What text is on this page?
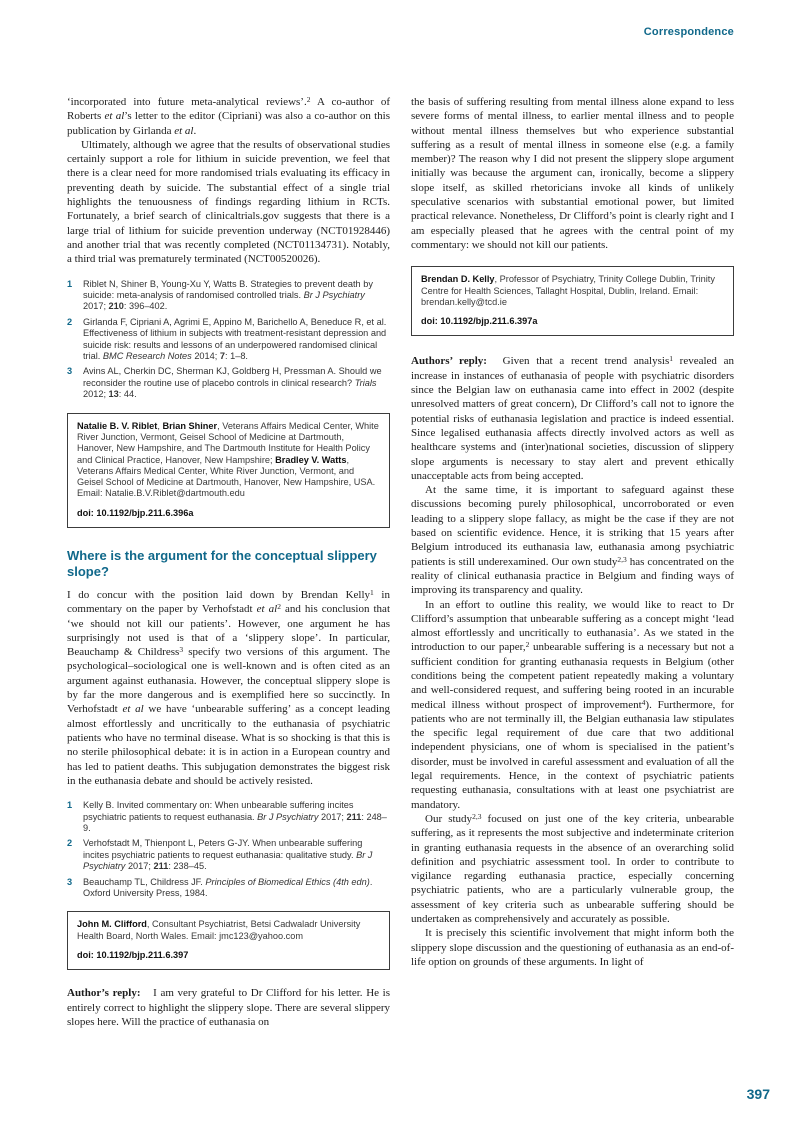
Correspondence

‘incorporated into future meta-analytical reviews’.$^2$ A co-author of Roberts et al’s letter to the editor (Cipriani) was also a co-author on this publication by Girlanda et al.

Ultimately, although we agree that the results of observational studies certainly support a role for lithium in suicide prevention, we feel that there is a clear need for more randomised trials evaluating its efficacy in preventing death by suicide. The substantial effect of a single trial highlights the tenuousness of findings regarding lithium in RCTs. Fortunately, a brief search of clinicaltrials.gov suggests that there is a large trial of lithium for suicide prevention underway (NCT01928446) and another trial that was recently completed (NCT01134731). Notably, a third trial was prematurely terminated (NCT00520026).

1	Riblet N, Shiner B, Young-Xu Y, Watts B. Strategies to prevent death by suicide: meta-analysis of randomised controlled trials. Br J Psychiatry 2017; 210: 396–402.
2	Girlanda F, Cipriani A, Agrimi E, Appino M, Barichello A, Beneduce R, et al. Effectiveness of lithium in subjects with treatment-resistant depression and suicide risk: results and lessons of an underpowered randomised clinical trial. BMC Research Notes 2014; 7: 1–8.
3	Avins AL, Cherkin DC, Sherman KJ, Goldberg H, Pressman A. Should we reconsider the routine use of placebo controls in clinical research? Trials 2012; 13: 44.

Natalie B. V. Riblet, Brian Shiner, Veterans Affairs Medical Center, White River Junction, Vermont, Geisel School of Medicine at Dartmouth, Hanover, New Hampshire, and The Dartmouth Institute for Health Policy and Clinical Practice, Hanover, New Hampshire; Bradley V. Watts, Veterans Affairs Medical Center, White River Junction, Vermont, and Geisel School of Medicine at Dartmouth, Hanover, New Hampshire, USA. Email: Natalie.B.V.Riblet@dartmouth.edu

doi: 10.1192/bjp.211.6.396a

Where is the argument for the conceptual slippery slope?

I do concur with the position laid down by Brendan Kelly$^1$ in commentary on the paper by Verhofstadt et $al^2$ and his conclusion that ‘we should not kill our patients’. However, one argument he has surprisingly not used is that of a ‘slippery slope’. In particular, Beauchamp & Childress$^3$ specify two versions of this argument. The psychological–sociological one is well-known and is often cited as an argument against euthanasia. However, the conceptual slippery slope is by far the more dangerous and is exemplified here so succinctly. In Verhofstadt et al we have ‘unbearable suffering’ as a concept leading almost effortlessly and uncritically to the euthanasia of psychiatric patients who have no terminal disease. What is so shocking is that this is no sterile philosophical debate: it is in action in a European country and has led to patient deaths. This subjugation demonstrates the biggest risk in the euthanasia debate and should be actively resisted.

1	Kelly B. Invited commentary on: When unbearable suffering incites psychiatric patients to request euthanasia. Br J Psychiatry 2017; 211: 248–9.
2	Verhofstadt M, Thienpont L, Peters G-JY. When unbearable suffering incites psychiatric patients to request euthanasia: qualitative study. Br J Psychiatry 2017; 211: 238–45.
3	Beauchamp TL, Childress JF. Principles of Biomedical Ethics (4th edn). Oxford University Press, 1984.

John M. Clifford, Consultant Psychiatrist, Betsi Cadwaladr University Health Board, North Wales. Email: jmc123@yahoo.com

doi: 10.1192/bjp.211.6.397

Author’s reply: I am very grateful to Dr Clifford for his letter. He is entirely correct to highlight the slippery slope. There are several slippery slopes here. Will the practice of euthanasia on

the basis of suffering resulting from mental illness alone expand to less severe forms of mental illness, to earlier mental illness and to people without mental illness themselves but who experience substantial suffering as a result of mental illness in someone else (e.g. a family member)? The reason why I did not present the slippery slope argument initially was because the argument can, ironically, become a slippery slope itself, as skilled rhetoricians invoke all kinds of unlikely speculative scenarios with substantial emotional power, but limited practical relevance. Nonetheless, Dr Clifford’s point is clearly right and I am especially pleased that he agrees with the central point of my commentary: we should not kill our patients.

Brendan D. Kelly, Professor of Psychiatry, Trinity College Dublin, Trinity Centre for Health Sciences, Tallaght Hospital, Dublin, Ireland. Email: brendan.kelly@tcd.ie

doi: 10.1192/bjp.211.6.397a

Authors’ reply: Given that a recent trend analysis$^1$ revealed an increase in instances of euthanasia of people with psychiatric disorders since the Belgian law on euthanasia came into effect in 2002 (despite unresolved matters of great concern), Dr Clifford’s call not to ignore the potential risks of euthanasia legislation and practice is indeed essential. Since legalised euthanasia affects directly involved actors as well as healthcare systems and (inter)national societies, discussion of slippery slope arguments is necessary to stay alert and prevent ethically unacceptable acts from being accepted.

At the same time, it is important to safeguard against these discussions becoming purely philosophical, uncorroborated or even leading to a slippery slope fallacy, as might be the case if they are not based on scientific evidence. Hence, it is striking that 15 years after Belgium introduced its euthanasia law, euthanasia among psychiatric patients is still underexamined. Our own study$^{2,3}$ has concentrated on the reality of clinical euthanasia practice in Belgium and finding ways of improving its transparency and quality.

In an effort to outline this reality, we would like to react to Dr Clifford’s assumption that unbearable suffering as a concept might ‘lead almost effortlessly and uncritically to euthanasia’. As we stated in the introduction to our paper,$^2$ unbearable suffering is a necessary but not a sufficient condition for granting euthanasia requests in Belgium (other conditions being the competent patient repeatedly making a voluntary and well-considered request, and suffering being rooted in an incurable medical illness without prospect of improvement$^4$). Furthermore, for patients who are not terminally ill, the Belgian euthanasia law stipulates the specific legal requirement of due care that two additional independent physicians, one of whom is specialised in the patient’s disorder, must be involved in careful assessment and evaluation of all the legal requirements. Hence, in the context of psychiatric patients requesting euthanasia, consultations with at least one psychiatrist are mandatory.

Our study$^{2,3}$ focused on just one of the key criteria, unbearable suffering, as it represents the most subjective and indeterminate criterion in granting euthanasia requests in the absence of an overarching solid definition and psychiatric assessment tool. In order to contribute to vigilance regarding euthanasia practice, especially concerning psychiatric patients, who are a particularly vulnerable group, the assessment of key criteria such as unbearable suffering should be undertaken as comprehensively and accurately as possible.

It is precisely this scientific involvement that might inform both the slippery slope discussion and the questioning of euthanasia as an end-of-life option on grounds of these arguments. In light of

397
